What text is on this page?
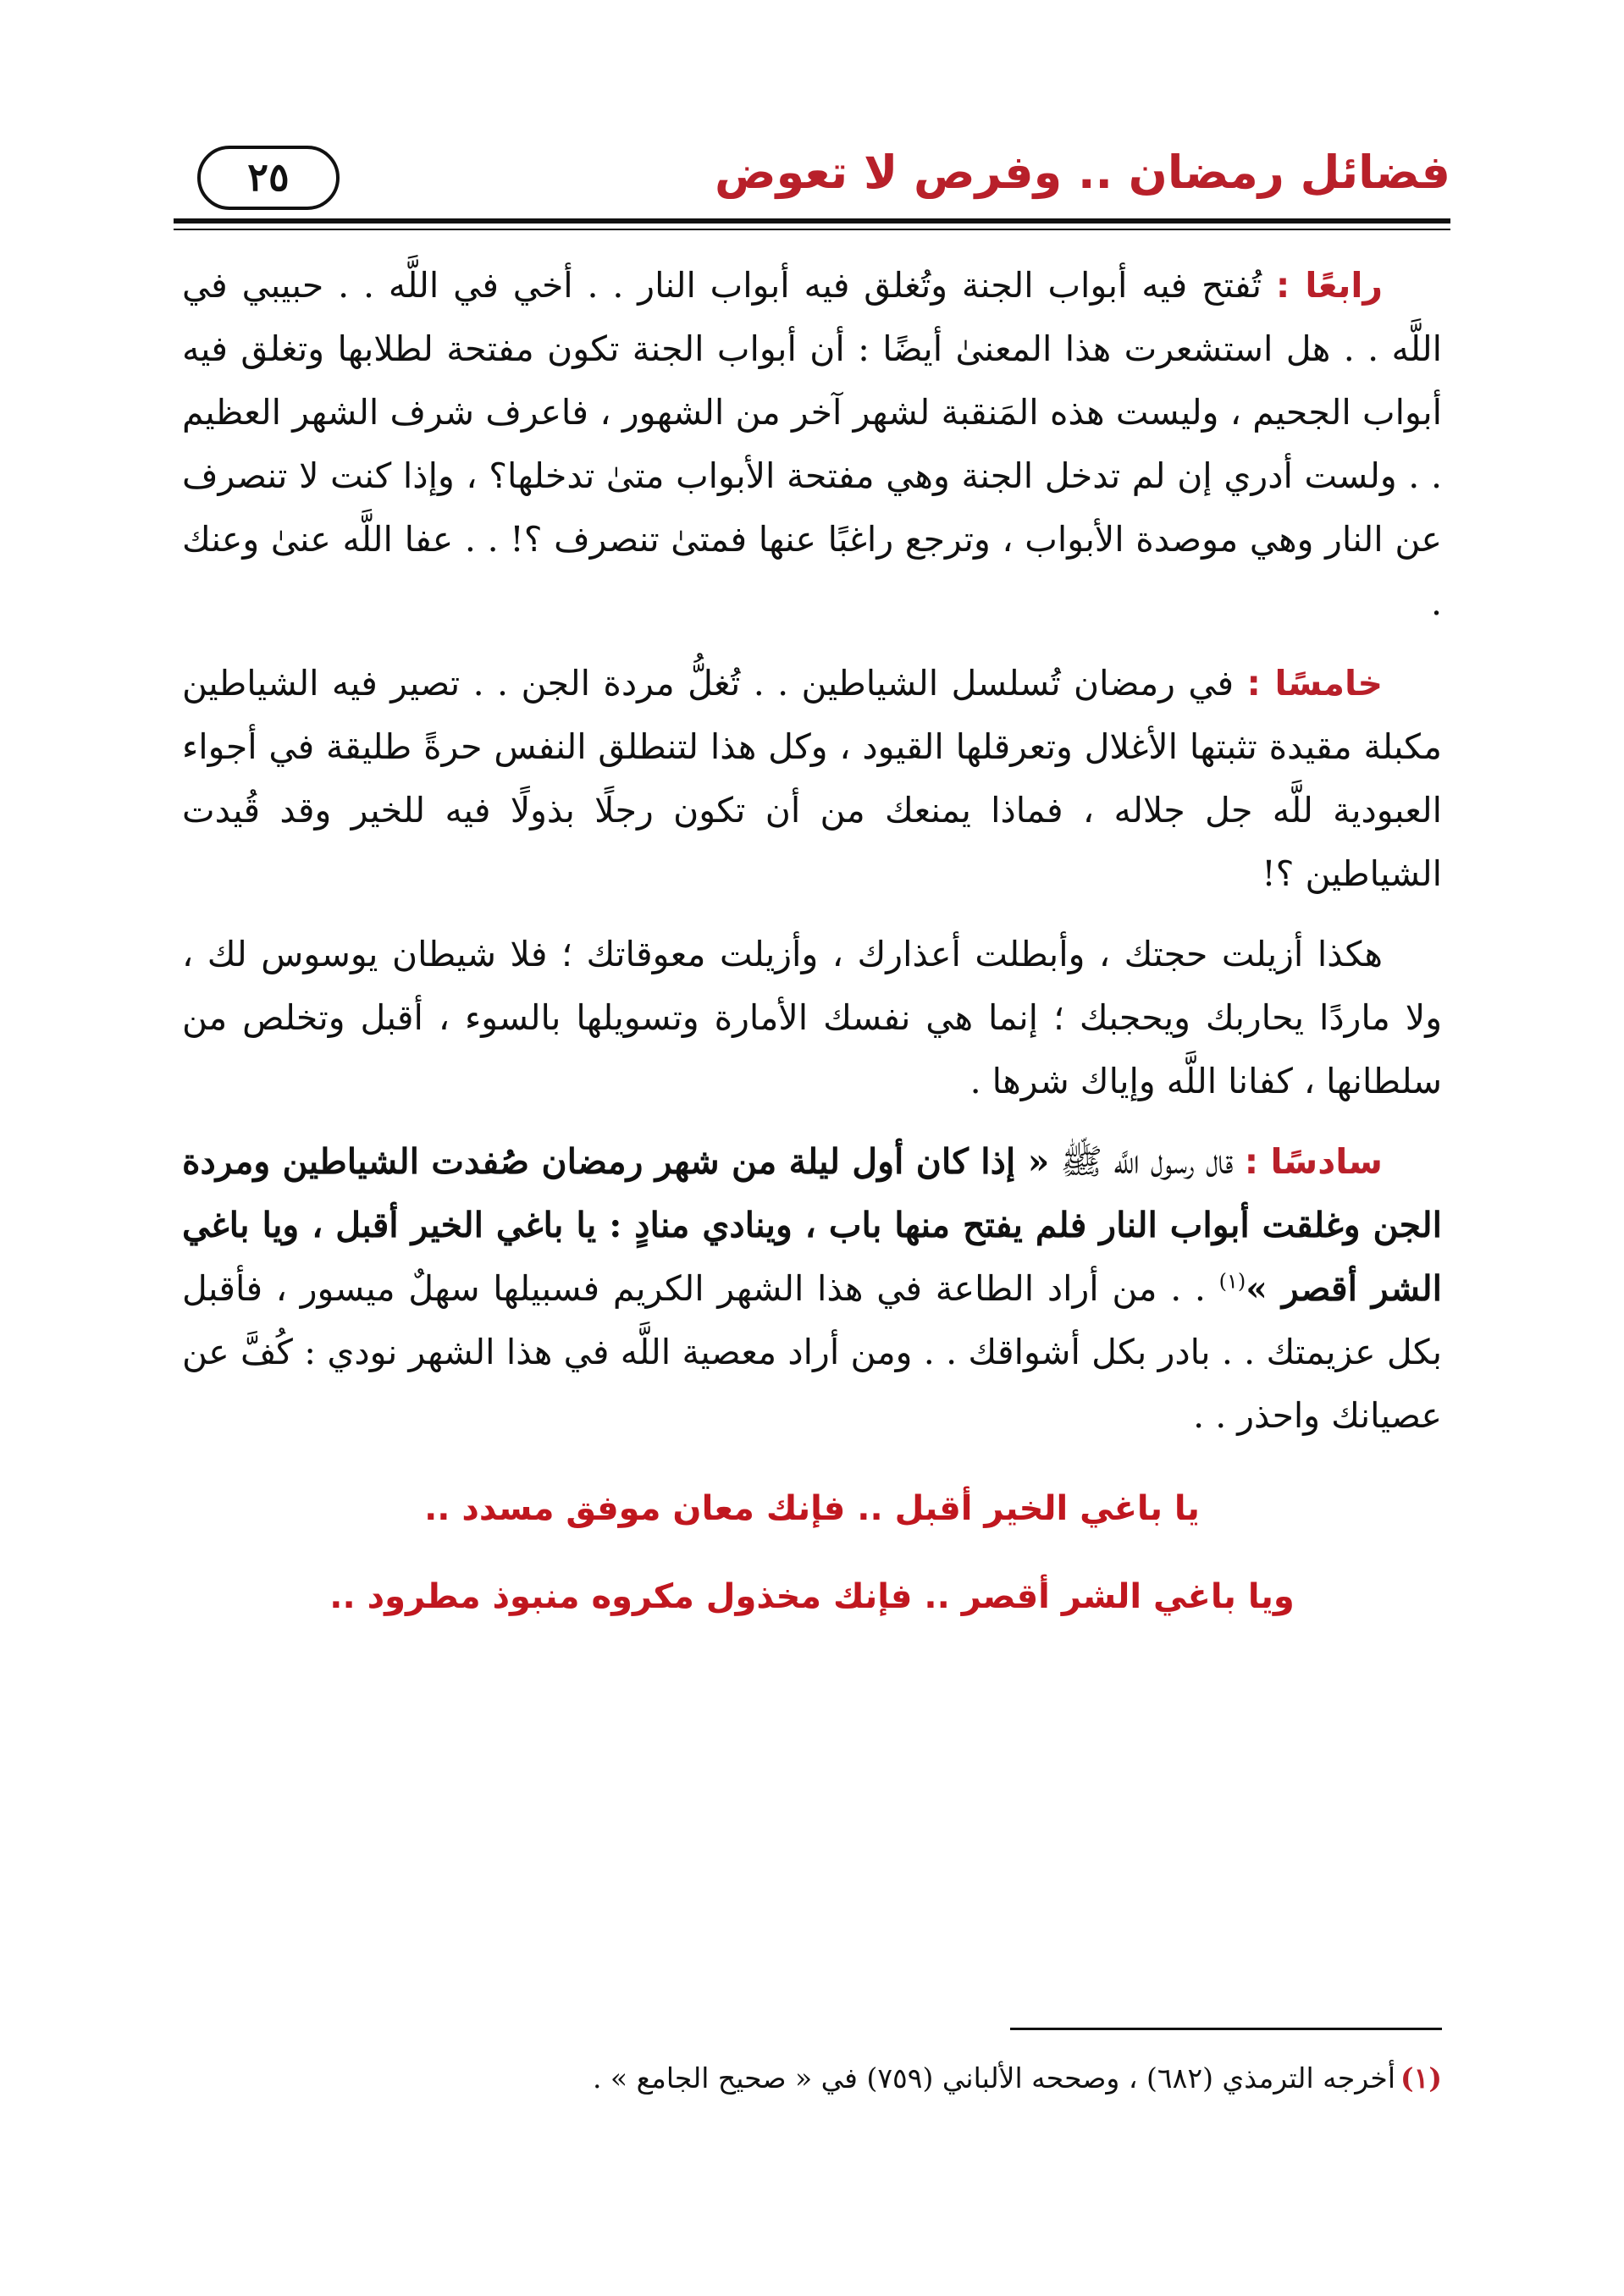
فضائل رمضان .. وفرص لا تعوض
٢٥

رابعًا : تُفتح فيه أبواب الجنة وتُغلق فيه أبواب النار . . أخي في اللَّه . . حبيبي في اللَّه . . هل استشعرت هذا المعنىٰ أيضًا : أن أبواب الجنة تكون مفتحة لطلابها وتغلق فيه أبواب الجحيم ، وليست هذه المَنقبة لشهر آخر من الشهور ، فاعرف شرف الشهر العظيم . . ولست أدري إن لم تدخل الجنة وهي مفتحة الأبواب متىٰ تدخلها؟ ، وإذا كنت لا تنصرف عن النار وهي موصدة الأبواب ، وترجع راغبًا عنها فمتىٰ تنصرف ؟! . . عفا اللَّه عنىٰ وعنك .

خامسًا : في رمضان تُسلسل الشياطين . . تُغلُّ مردة الجن . . تصير فيه الشياطين مكبلة مقيدة تثبتها الأغلال وتعرقلها القيود ، وكل هذا لتنطلق النفس حرةً طليقة في أجواء العبودية للَّه جل جلاله ، فماذا يمنعك من أن تكون رجلًا بذولًا فيه للخير وقد قُيدت الشياطين ؟!

هكذا أزيلت حجتك ، وأبطلت أعذارك ، وأزيلت معوقاتك ؛ فلا شيطان يوسوس لك ، ولا ماردًا يحاربك ويحجبك ؛ إنما هي نفسك الأمارة وتسويلها بالسوء ، أقبل وتخلص من سلطانها ، كفانا اللَّه وإياك شرها .

سادسًا : قال رسول اللَّه ﷺ « إذا كان أول ليلة من شهر رمضان صُفدت الشياطين ومردة الجن وغلقت أبواب النار فلم يفتح منها باب ، وينادي منادٍ : يا باغي الخير أقبل ، ويا باغي الشر أقصر »$^{(١)}$ . . من أراد الطاعة في هذا الشهر الكريم فسبيلها سهلٌ ميسور ، فأقبل بكل عزيمتك . . بادر بكل أشواقك . . ومن أراد معصية اللَّه في هذا الشهر نودي : كُفَّ عن عصيانك واحذر . .

يا باغي الخير أقبل .. فإنك معان موفق مسدد ..
ويا باغي الشر أقصر .. فإنك مخذول مكروه منبوذ مطرود ..
(١)أخرجه الترمذي (٦٨٢) ، وصححه الألباني (٧٥٩) في « صحيح الجامع » .
